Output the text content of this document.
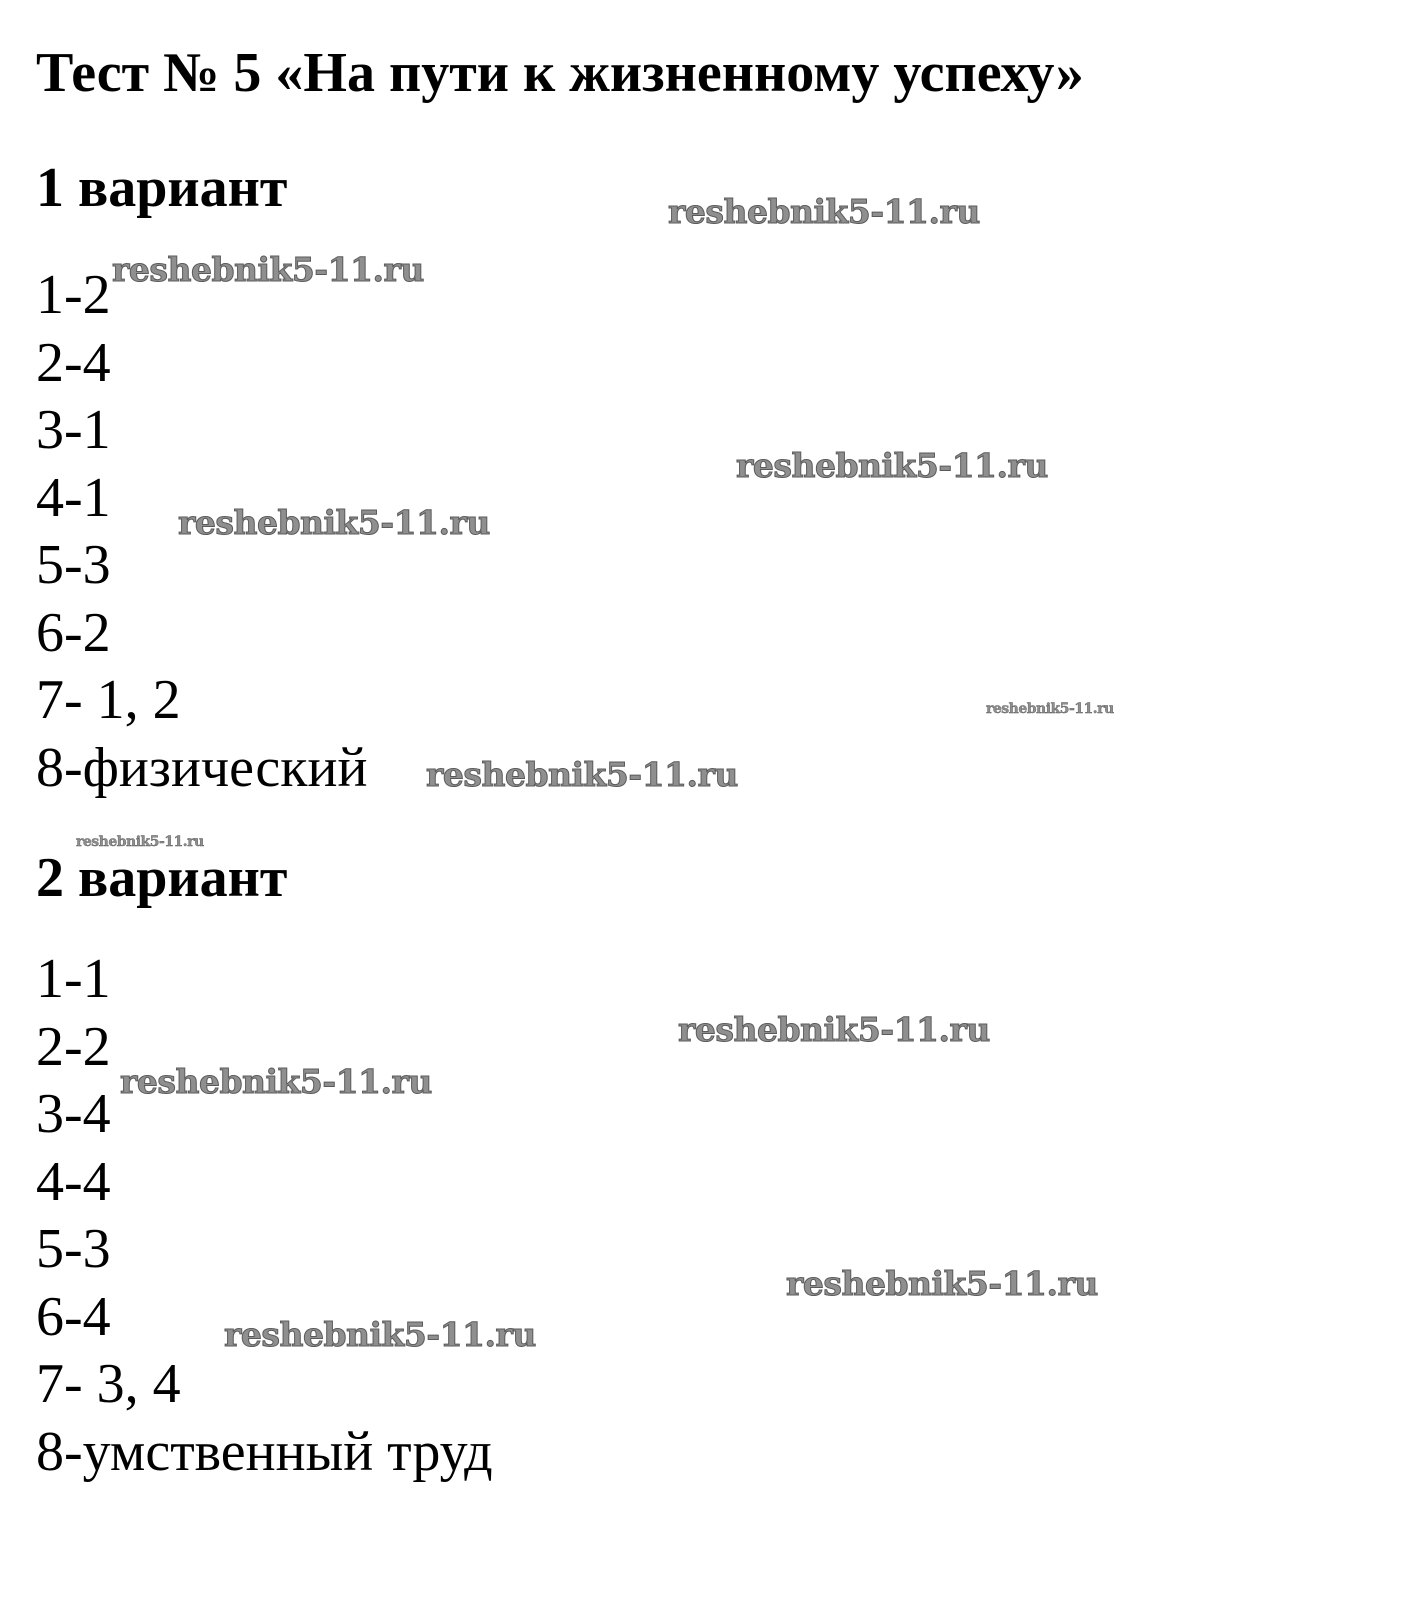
Тест № 5 «На пути к жизненному успеху»
1 вариант
1-2
2-4
3-1
4-1
5-3
6-2
7- 1, 2
8-физический
2 вариант
1-1
2-2
3-4
4-4
5-3
6-4
7- 3, 4
8-умственный труд
reshebnik5-11.ru
reshebnik5-11.ru
reshebnik5-11.ru
reshebnik5-11.ru
reshebnik5-11.ru
reshebnik5-11.ru
reshebnik5-11.ru
reshebnik5-11.ru
reshebnik5-11.ru
reshebnik5-11.ru
reshebnik5-11.ru
